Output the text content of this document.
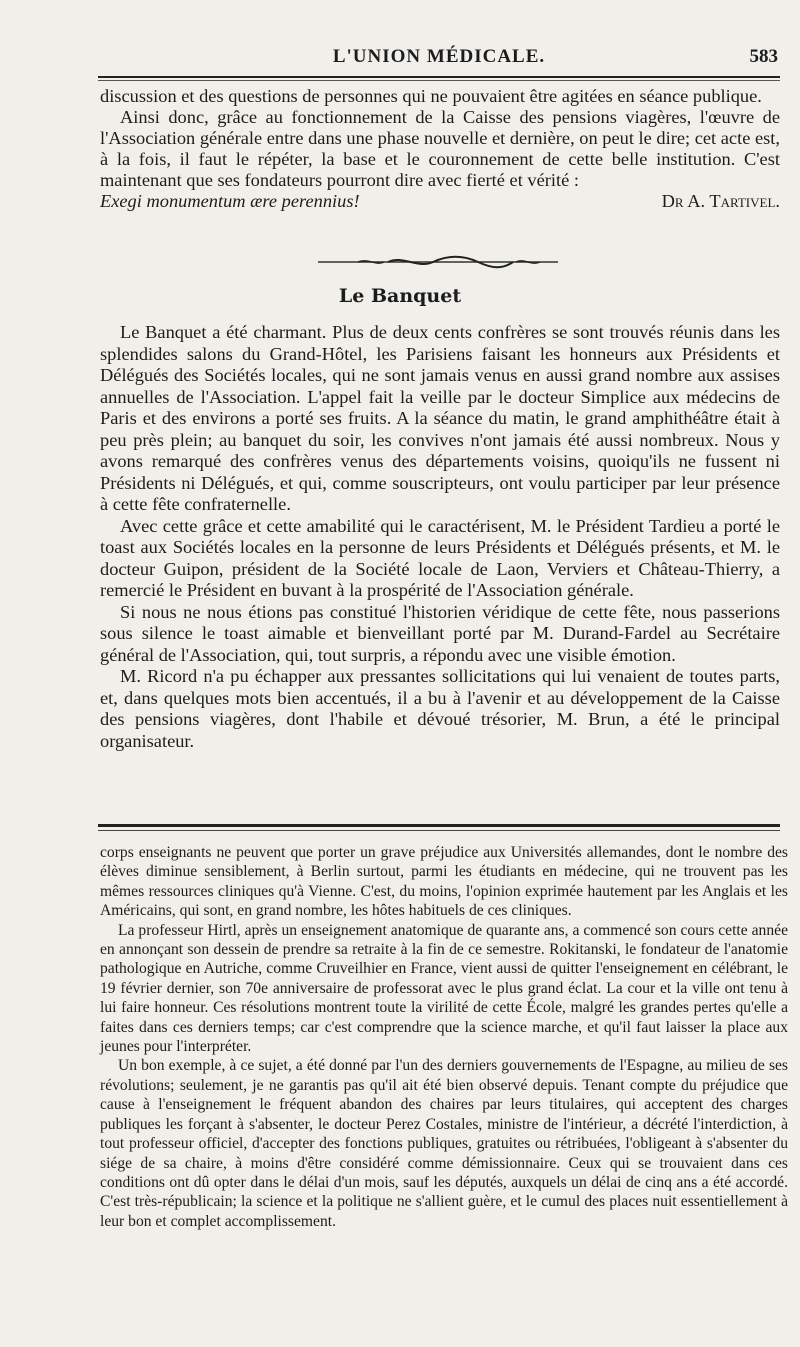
L'UNION MÉDICALE.	583

discussion et des questions de personnes qui ne pouvaient être agitées en séance publique.

Ainsi donc, grâce au fonctionnement de la Caisse des pensions viagères, l'œuvre de l'Association générale entre dans une phase nouvelle et dernière, on peut le dire; cet acte est, à la fois, il faut le répéter, la base et le couronnement de cette belle institution. C'est maintenant que ses fondateurs pourront dire avec fierté et vérité :

Exegi monumentum ære perennius!	Dr A. Tartivel.
Le Banquet

Le Banquet a été charmant. Plus de deux cents confrères se sont trouvés réunis dans les splendides salons du Grand-Hôtel, les Parisiens faisant les honneurs aux Présidents et Délégués des Sociétés locales, qui ne sont jamais venus en aussi grand nombre aux assises annuelles de l'Association. L'appel fait la veille par le docteur Simplice aux médecins de Paris et des environs a porté ses fruits. A la séance du matin, le grand amphithéâtre était à peu près plein; au banquet du soir, les convives n'ont jamais été aussi nombreux. Nous y avons remarqué des confrères venus des départements voisins, quoiqu'ils ne fussent ni Présidents ni Délégués, et qui, comme souscripteurs, ont voulu participer par leur présence à cette fête confraternelle.

Avec cette grâce et cette amabilité qui le caractérisent, M. le Président Tardieu a porté le toast aux Sociétés locales en la personne de leurs Présidents et Délégués présents, et M. le docteur Guipon, président de la Société locale de Laon, Verviers et Château-Thierry, a remercié le Président en buvant à la prospérité de l'Association générale.

Si nous ne nous étions pas constitué l'historien véridique de cette fête, nous passerions sous silence le toast aimable et bienveillant porté par M. Durand-Fardel au Secrétaire général de l'Association, qui, tout surpris, a répondu avec une visible émotion.

M. Ricord n'a pu échapper aux pressantes sollicitations qui lui venaient de toutes parts, et, dans quelques mots bien accentués, il a bu à l'avenir et au développement de la Caisse des pensions viagères, dont l'habile et dévoué trésorier, M. Brun, a été le principal organisateur.

corps enseignants ne peuvent que porter un grave préjudice aux Universités allemandes, dont le nombre des élèves diminue sensiblement, à Berlin surtout, parmi les étudiants en médecine, qui ne trouvent pas les mêmes ressources cliniques qu'à Vienne. C'est, du moins, l'opinion exprimée hautement par les Anglais et les Américains, qui sont, en grand nombre, les hôtes habituels de ces cliniques.

La professeur Hirtl, après un enseignement anatomique de quarante ans, a commencé son cours cette année en annonçant son dessein de prendre sa retraite à la fin de ce semestre. Rokitanski, le fondateur de l'anatomie pathologique en Autriche, comme Cruveilhier en France, vient aussi de quitter l'enseignement en célébrant, le 19 février dernier, son 70e anniversaire de professorat avec le plus grand éclat. La cour et la ville ont tenu à lui faire honneur. Ces résolutions montrent toute la virilité de cette École, malgré les grandes pertes qu'elle a faites dans ces derniers temps; car c'est comprendre que la science marche, et qu'il faut laisser la place aux jeunes pour l'interpréter.

Un bon exemple, à ce sujet, a été donné par l'un des derniers gouvernements de l'Espagne, au milieu de ses révolutions; seulement, je ne garantis pas qu'il ait été bien observé depuis. Tenant compte du préjudice que cause à l'enseignement le fréquent abandon des chaires par leurs titulaires, qui acceptent des charges publiques les forçant à s'absenter, le docteur Perez Costales, ministre de l'intérieur, a décrété l'interdiction, à tout professeur officiel, d'accepter des fonctions publiques, gratuites ou rétribuées, l'obligeant à s'absenter du siége de sa chaire, à moins d'être considéré comme démissionnaire. Ceux qui se trouvaient dans ces conditions ont dû opter dans le délai d'un mois, sauf les députés, auxquels un délai de cinq ans a été accordé. C'est très-républicain; la science et la politique ne s'allient guère, et le cumul des places nuit essentiellement à leur bon et complet accomplissement.
